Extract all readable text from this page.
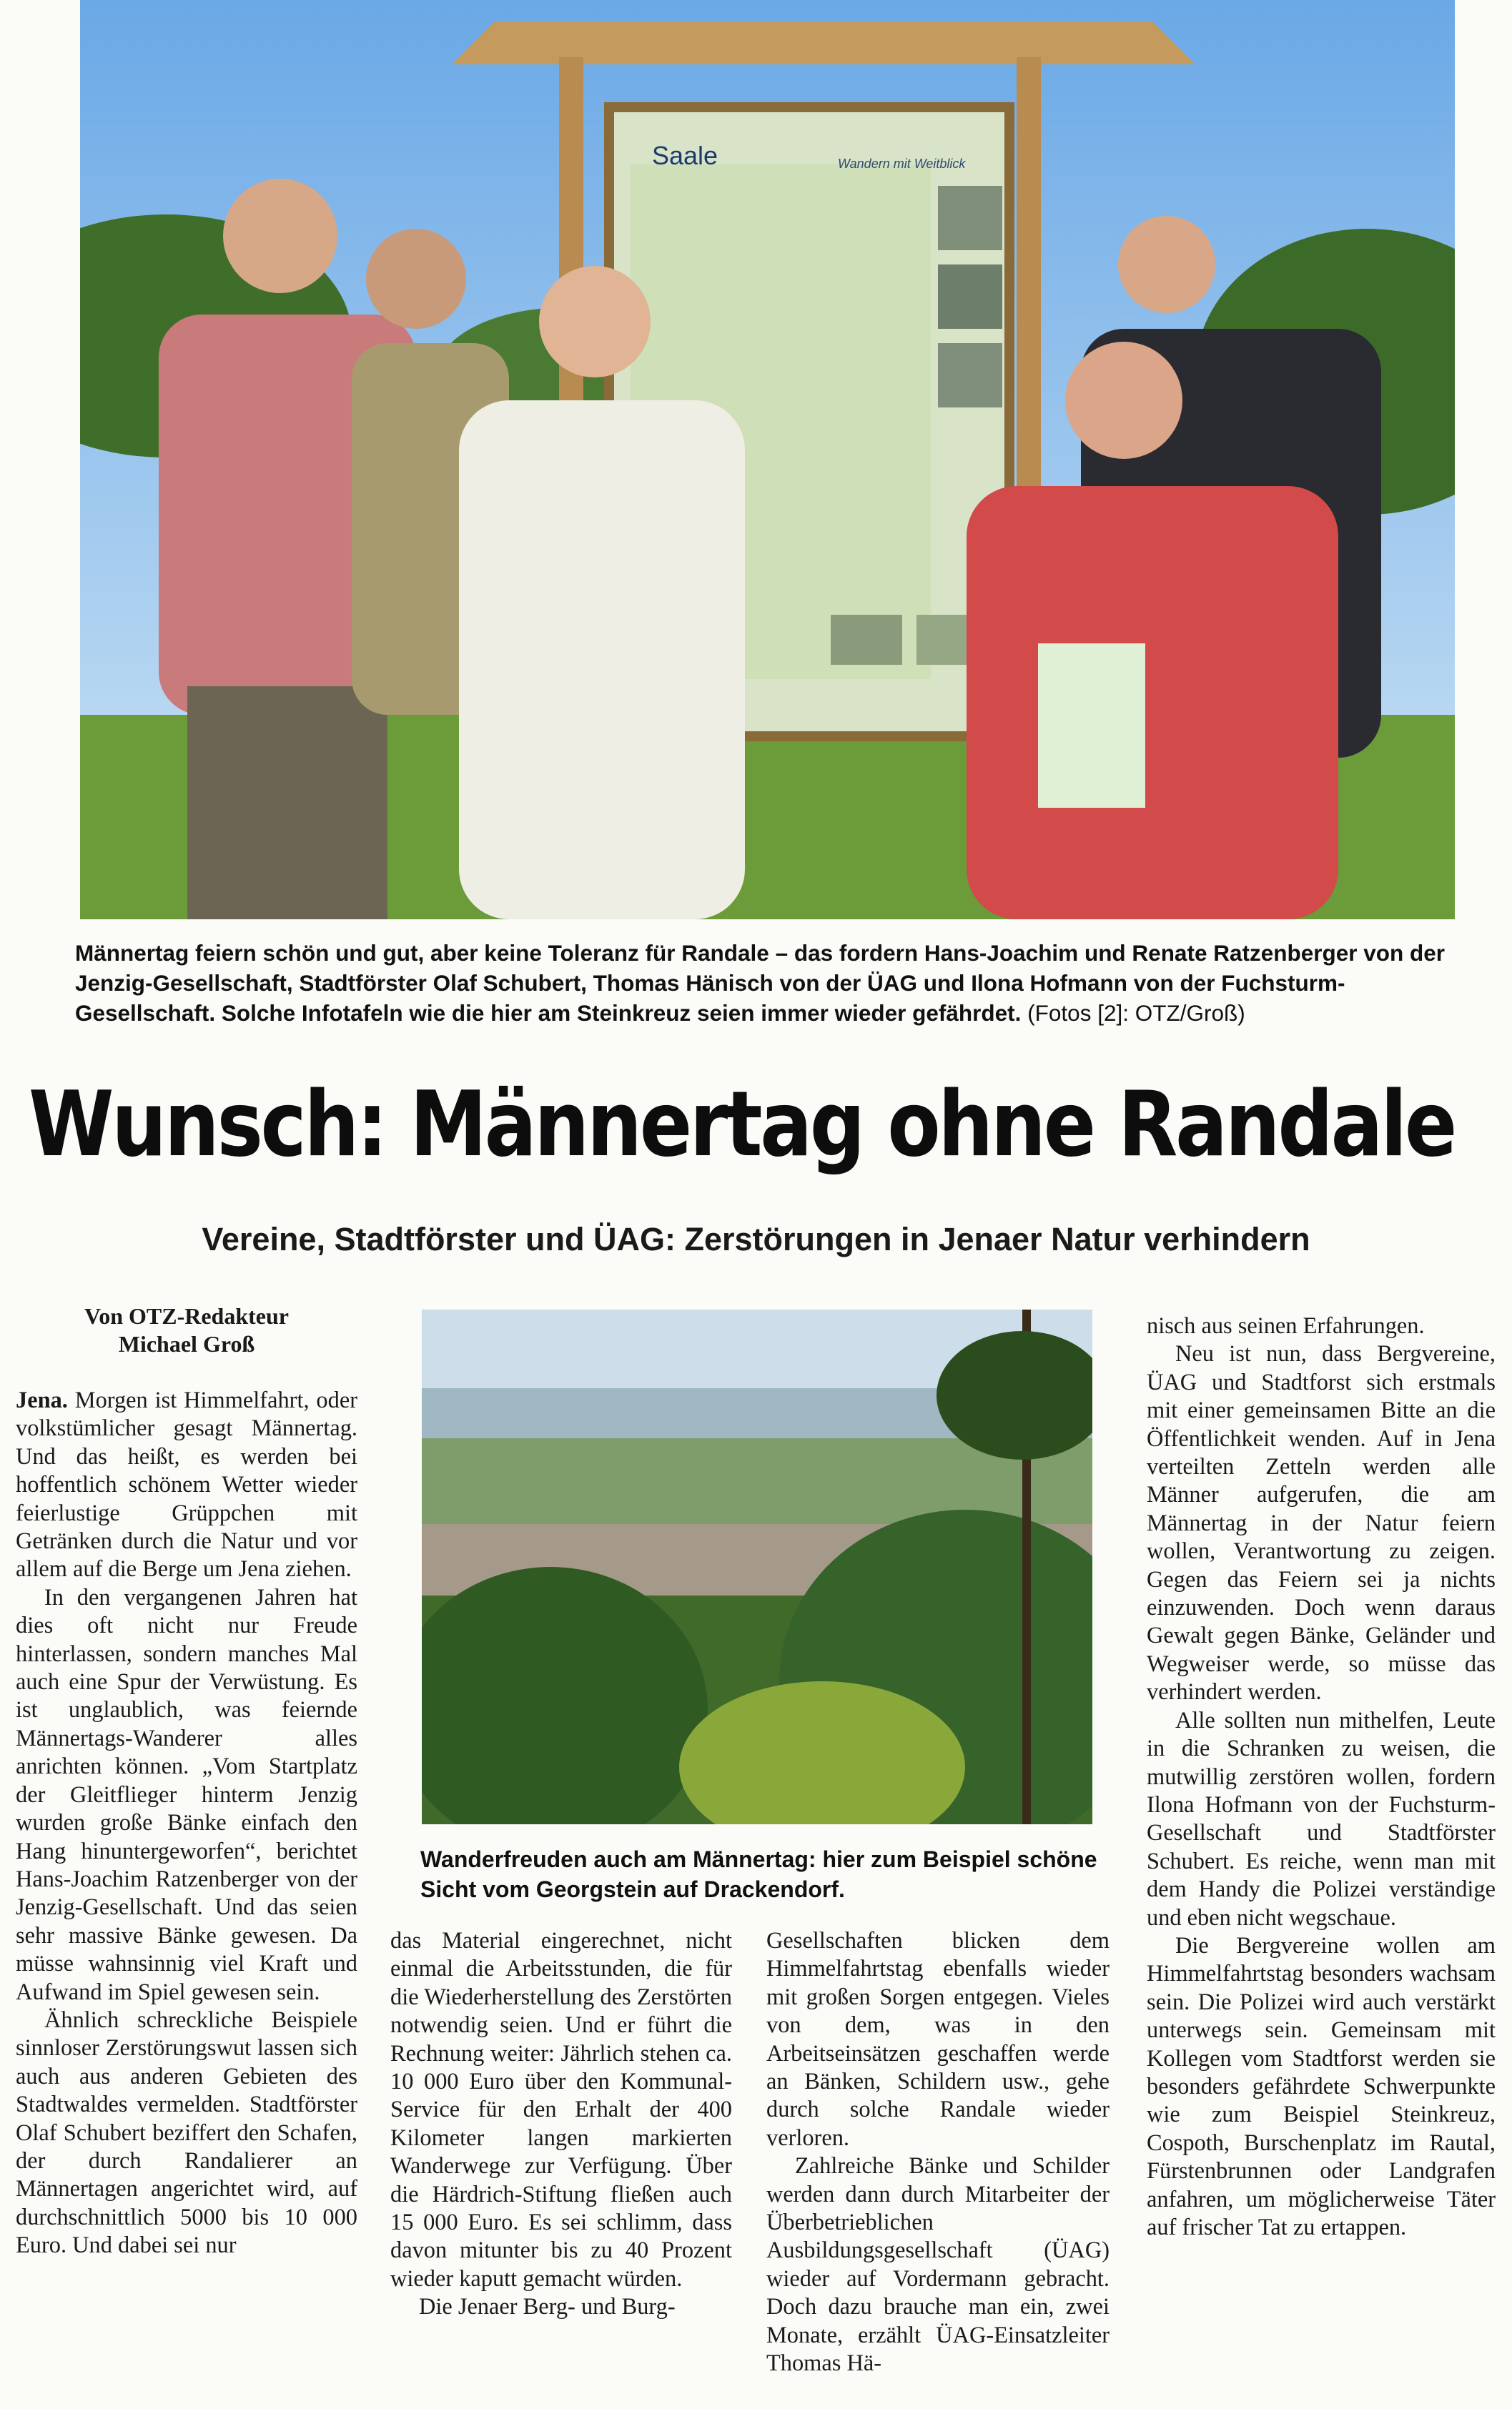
Saale	Wandern mit Weitblick
Männertag feiern schön und gut, aber keine Toleranz für Randale – das fordern Hans-Joachim und Renate Ratzenberger von der Jenzig-Gesellschaft, Stadtförster Olaf Schubert, Thomas Hänisch von der ÜAG und Ilona Hofmann von der Fuchsturm-Gesellschaft. Solche Infotafeln wie die hier am Steinkreuz seien immer wieder gefährdet. (Fotos [2]: OTZ/Groß)
Wunsch: Männertag ohne Randale
Vereine, Stadtförster und ÜAG: Zerstörungen in Jenaer Natur verhindern
Von OTZ-Redakteur
Michael Groß

Jena. Morgen ist Himmelfahrt, oder volkstümlicher gesagt Männertag. Und das heißt, es werden bei hoffentlich schönem Wetter wieder feierlustige Grüppchen mit Getränken durch die Natur und vor allem auf die Berge um Jena ziehen.

In den vergangenen Jahren hat dies oft nicht nur Freude hinterlassen, sondern manches Mal auch eine Spur der Verwüstung. Es ist unglaublich, was feiernde Männertags-Wanderer alles anrichten können. „Vom Startplatz der Gleitflieger hinterm Jenzig wurden große Bänke einfach den Hang hinuntergeworfen“, berichtet Hans-Joachim Ratzenberger von der Jenzig-Gesellschaft. Und das seien sehr massive Bänke gewesen. Da müsse wahnsinnig viel Kraft und Aufwand im Spiel gewesen sein.

Ähnlich schreckliche Beispiele sinnloser Zerstörungswut lassen sich auch aus anderen Gebieten des Stadtwaldes vermelden. Stadtförster Olaf Schubert beziffert den Schafen, der durch Randalierer an Männertagen angerichtet wird, auf durchschnittlich 5000 bis 10 000 Euro. Und dabei sei nur

Wanderfreuden auch am Männertag: hier zum Beispiel schöne Sicht vom Georgstein auf Drackendorf.

das Material eingerechnet, nicht einmal die Arbeitsstunden, die für die Wiederherstellung des Zerstörten notwendig seien. Und er führt die Rechnung weiter: Jährlich stehen ca. 10 000 Euro über den Kommunal-Service für den Erhalt der 400 Kilometer langen markierten Wanderwege zur Verfügung. Über die Härdrich-Stiftung fließen auch 15 000 Euro. Es sei schlimm, dass davon mitunter bis zu 40 Prozent wieder kaputt gemacht würden.

Die Jenaer Berg- und Burg-

Gesellschaften blicken dem Himmelfahrtstag ebenfalls wieder mit großen Sorgen entgegen. Vieles von dem, was in den Arbeitseinsätzen geschaffen werde an Bänken, Schildern usw., gehe durch solche Randale wieder verloren.

Zahlreiche Bänke und Schilder werden dann durch Mitarbeiter der Überbetrieblichen Ausbildungsgesellschaft (ÜAG) wieder auf Vordermann gebracht. Doch dazu brauche man ein, zwei Monate, erzählt ÜAG-Einsatzleiter Thomas Hä-

nisch aus seinen Erfahrungen.

Neu ist nun, dass Bergvereine, ÜAG und Stadtforst sich erstmals mit einer gemeinsamen Bitte an die Öffentlichkeit wenden. Auf in Jena verteilten Zetteln werden alle Männer aufgerufen, die am Männertag in der Natur feiern wollen, Verantwortung zu zeigen. Gegen das Feiern sei ja nichts einzuwenden. Doch wenn daraus Gewalt gegen Bänke, Geländer und Wegweiser werde, so müsse das verhindert werden.

Alle sollten nun mithelfen, Leute in die Schranken zu weisen, die mutwillig zerstören wollen, fordern Ilona Hofmann von der Fuchsturm-Gesellschaft und Stadtförster Schubert. Es reiche, wenn man mit dem Handy die Polizei verständige und eben nicht wegschaue.

Die Bergvereine wollen am Himmelfahrtstag besonders wachsam sein. Die Polizei wird auch verstärkt unterwegs sein. Gemeinsam mit Kollegen vom Stadtforst werden sie besonders gefährdete Schwerpunkte wie zum Beispiel Steinkreuz, Cospoth, Burschenplatz im Rautal, Fürstenbrunnen oder Landgrafen anfahren, um möglicherweise Täter auf frischer Tat zu ertappen.
